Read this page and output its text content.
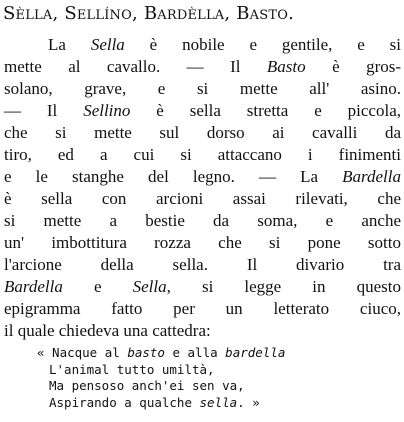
Sèlla, Sellíno, Bardèlla, Basto.
La Sella è nobile e gentile, e si
mette al cavallo. — Il Basto è gros-
solano, grave, e si mette all' asino.
— Il Sellino è sella stretta e piccola,
che si mette sul dorso ai cavalli da
tiro, ed a cui si attaccano i finimenti
e le stanghe del legno. — La Bardella
è sella con arcioni assai rilevati, che
si mette a bestie da soma, e anche
un' imbottitura rozza che si pone sotto
l'arcione della sella. Il divario tra
Bardella e Sella, si legge in questo
epigramma fatto per un letterato ciuco,
il quale chiedeva una cattedra:
« Nacque al basto e alla bardella
L'animal tutto umiltà,
Ma pensoso anch'ei sen va,
Aspirando a qualche sella. »
